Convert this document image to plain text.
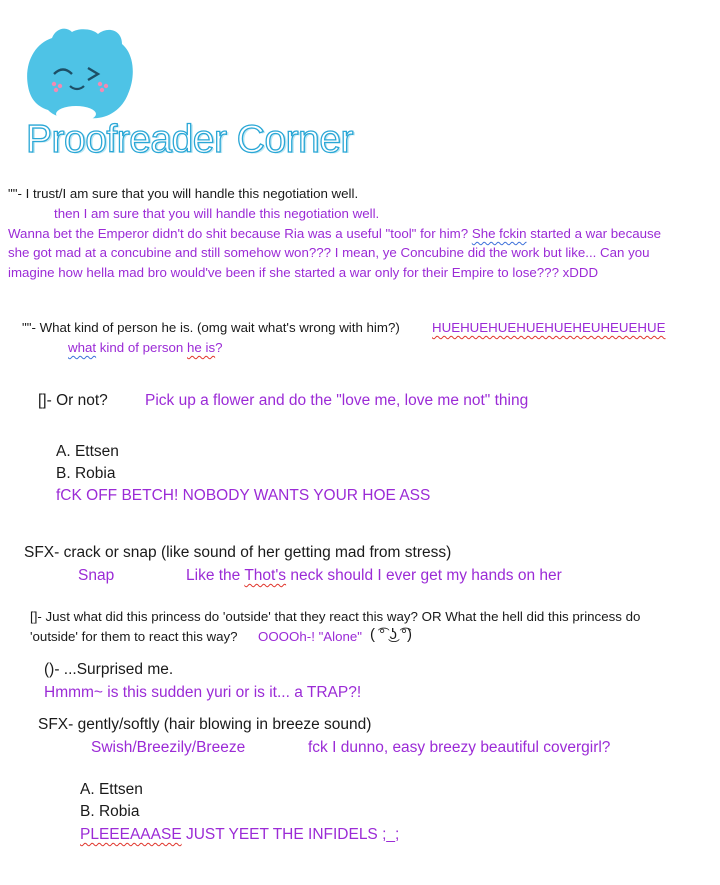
Proofreader Corner
""- I trust/I am sure that you will handle this negotiation well.
then I am sure that you will handle this negotiation well.
Wanna bet the Emperor didn't do shit because Ria was a useful "tool" for him? She fckin started a war because
she got mad at a concubine and still somehow won??? I mean, ye Concubine did the work but like... Can you
imagine how hella mad bro would've been if she started a war only for their Empire to lose??? xDDD
""- What kind of person he is. (omg wait what's wrong with him?) HUEHUEHUEHUEHUEHEUHEUEHUE
what kind of person he is?
[]- Or not? Pick up a flower and do the "love me, love me not" thing
A. Ettsen
B. Robia
fCK OFF BETCH! NOBODY WANTS YOUR HOE ASS
SFX- crack or snap (like sound of her getting mad from stress)
Snap	Like the Thot's neck should I ever get my hands on her
[]- Just what did this princess do 'outside' that they react this way? OR What the hell did this princess do
'outside' for them to react this way? OOOOh-! "Alone" ( ͡° ͜ʖ ͡°)
()- ...Surprised me.
Hmmm~ is this sudden yuri or is it... a TRAP?!
SFX- gently/softly (hair blowing in breeze sound)
Swish/Breezily/Breeze	fck I dunno, easy breezy beautiful covergirl?
A. Ettsen
B. Robia
PLEEEAAASE JUST YEET THE INFIDELS ;_;
